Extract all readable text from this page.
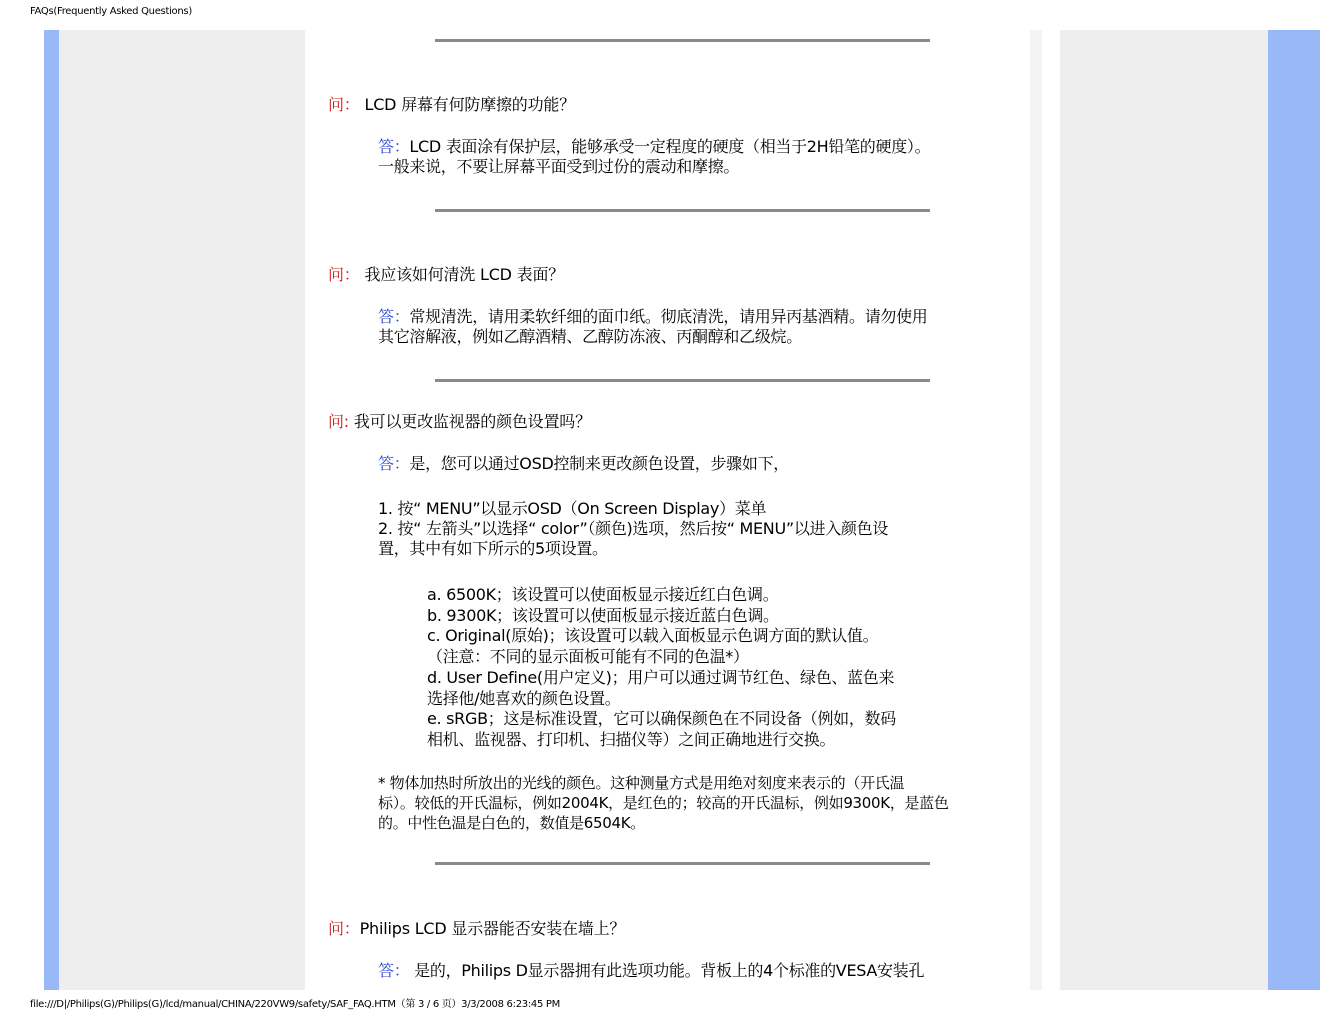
FAQs(Frequently Asked Questions)
问： LCD 屏幕有何防摩擦的功能？
答：LCD 表面涂有保护层，能够承受一定程度的硬度（相当于2H铅笔的硬度）。
一般来说，不要让屏幕平面受到过份的震动和摩擦。
问： 我应该如何清洗 LCD 表面？
答：常规清洗，请用柔软纤细的面巾纸。彻底清洗，请用异丙基酒精。请勿使用
其它溶解液，例如乙醇酒精、乙醇防冻液、丙酮醇和乙级烷。
问: 我可以更改监视器的颜色设置吗？
答：是，您可以通过OSD控制来更改颜色设置，步骤如下，
1. 按“ MENU”以显示OSD（On Screen Display）菜单
2. 按“ 左箭头”以选择“ color”（颜色)选项，然后按“ MENU”以进入颜色设
置，其中有如下所示的5项设置。
a. 6500K；该设置可以使面板显示接近红白色调。
b. 9300K；该设置可以使面板显示接近蓝白色调。
c. Original(原始)；该设置可以载入面板显示色调方面的默认值。
（注意：不同的显示面板可能有不同的色温*）
d. User Define(用户定义)；用户可以通过调节红色、绿色、蓝色来
选择他/她喜欢的颜色设置。
e. sRGB；这是标准设置，它可以确保颜色在不同设备（例如，数码
相机、监视器、打印机、扫描仪等）之间正确地进行交换。
* 物体加热时所放出的光线的颜色。这种测量方式是用绝对刻度来表示的（开氏温
标）。较低的开氏温标，例如2004K，是红色的；较高的开氏温标，例如9300K，是蓝色
的。中性色温是白色的，数值是6504K。
问：Philips LCD 显示器能否安装在墙上？
答： 是的，Philips D显示器拥有此选项功能。背板上的4个标准的VESA安装孔
file:///D|/Philips(G)/Philips(G)/lcd/manual/CHINA/220VW9/safety/SAF_FAQ.HTM（第 3 / 6 页）3/3/2008 6:23:45 PM
